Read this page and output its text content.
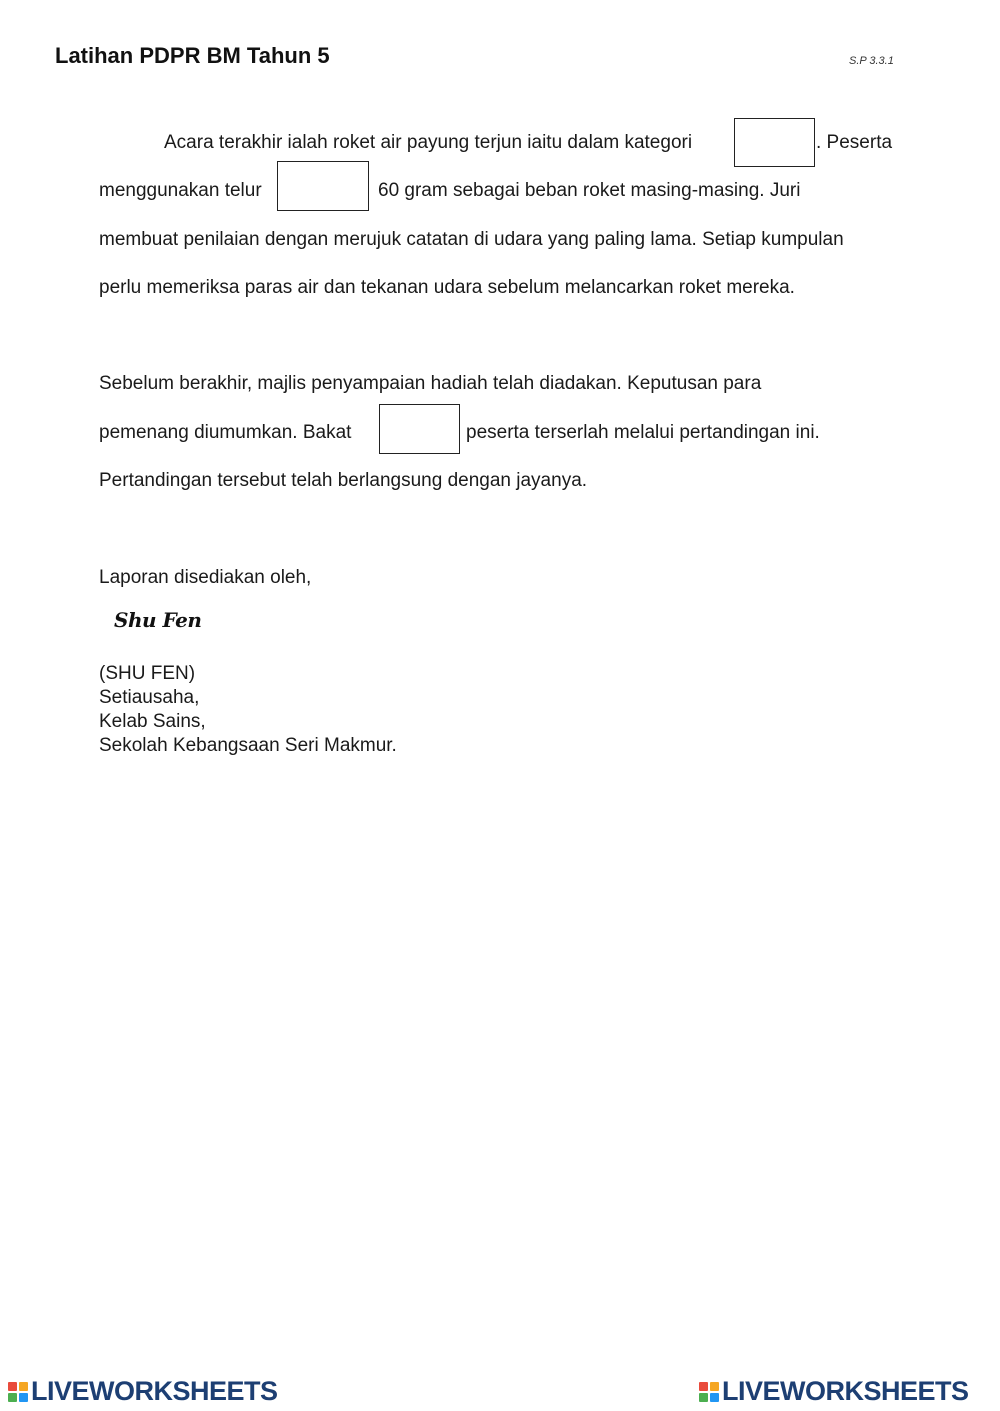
Latihan PDPR BM Tahun 5	S.P 3.3.1
Acara terakhir ialah roket air payung terjun iaitu dalam kategori	. Peserta
menggunakan telur	60 gram sebagai beban roket masing-masing. Juri
membuat penilaian dengan merujuk catatan di udara yang paling lama. Setiap kumpulan
perlu memeriksa paras air dan tekanan udara sebelum melancarkan roket mereka.
Sebelum berakhir, majlis penyampaian hadiah telah diadakan. Keputusan para
pemenang diumumkan. Bakat	peserta terserlah melalui pertandingan ini.
Pertandingan tersebut telah berlangsung dengan jayanya.
Laporan disediakan oleh,
Shu Fen
(SHU FEN)
Setiausaha,
Kelab Sains,
Sekolah Kebangsaan Seri Makmur.
LIVEWORKSHEETS	LIVEWORKSHEETS
